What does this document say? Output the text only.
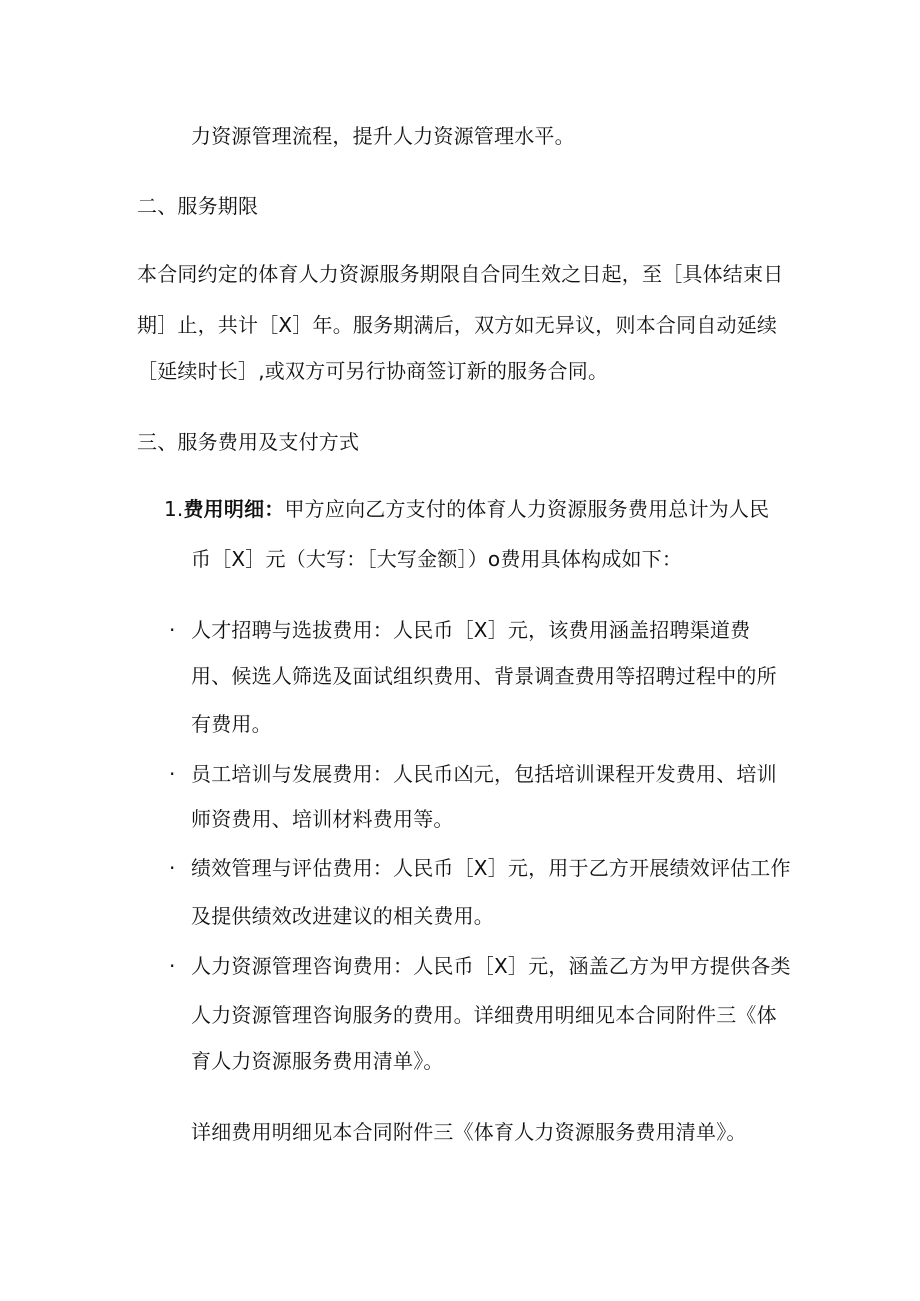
力资源管理流程，提升人力资源管理水平。
二、服务期限
本合同约定的体育人力资源服务期限自合同生效之日起，至［具体结束日
期］止，共计［X］年。服务期满后，双方如无异议，则本合同自动延续
［延续时长］,或双方可另行协商签订新的服务合同。
三、服务费用及支付方式
1.费用明细：甲方应向乙方支付的体育人力资源服务费用总计为人民
币［X］元（大写：［大写金额］）o费用具体构成如下：
· 人才招聘与选拔费用：人民币［X］元，该费用涵盖招聘渠道费
用、候选人筛选及面试组织费用、背景调查费用等招聘过程中的所
有费用。
· 员工培训与发展费用：人民币凶元，包括培训课程开发费用、培训
师资费用、培训材料费用等。
· 绩效管理与评估费用：人民币［X］元，用于乙方开展绩效评估工作
及提供绩效改进建议的相关费用。
· 人力资源管理咨询费用：人民币［X］元，涵盖乙方为甲方提供各类
人力资源管理咨询服务的费用。详细费用明细见本合同附件三《体
育人力资源服务费用清单》。
详细费用明细见本合同附件三《体育人力资源服务费用清单》。
